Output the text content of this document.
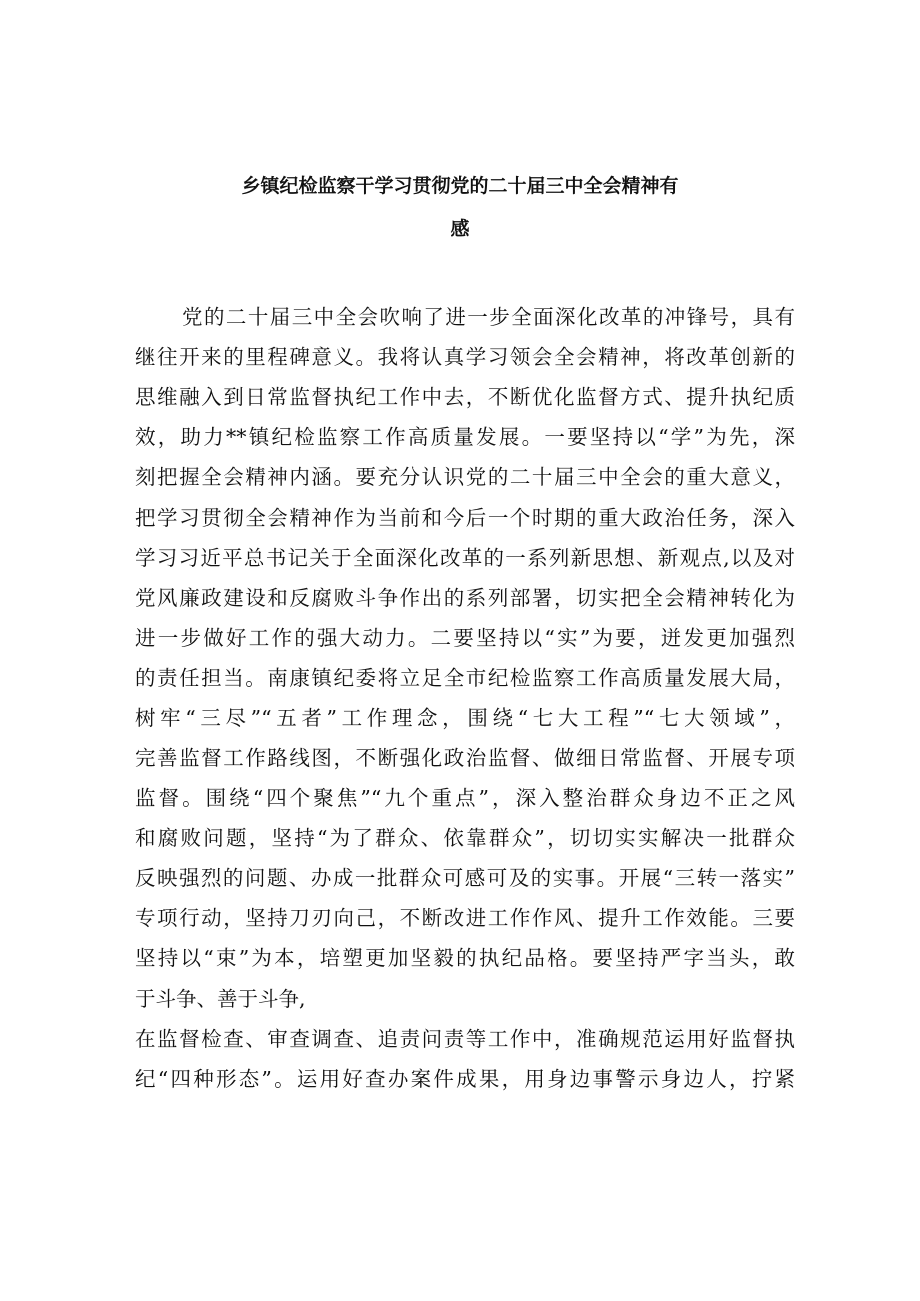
乡镇纪检监察干学习贯彻党的二十届三中全会精神有
感
党的二十届三中全会吹响了进一步全面深化改革的冲锋号，具有
继往开来的里程碑意义。我将认真学习领会全会精神，将改革创新的
思维融入到日常监督执纪工作中去，不断优化监督方式、提升执纪质
效，助力**镇纪检监察工作高质量发展。一要坚持以“学”为先，深
刻把握全会精神内涵。要充分认识党的二十届三中全会的重大意义，
把学习贯彻全会精神作为当前和今后一个时期的重大政治任务，深入
学习习近平总书记关于全面深化改革的一系列新思想、新观点,以及对
党风廉政建设和反腐败斗争作出的系列部署，切实把全会精神转化为
进一步做好工作的强大动力。二要坚持以“实”为要，迸发更加强烈
的责任担当。南康镇纪委将立足全市纪检监察工作高质量发展大局，
树牢“三尽”“五者”工作理念，围绕“七大工程”“七大领域”，
完善监督工作路线图，不断强化政治监督、做细日常监督、开展专项
监督。围绕“四个聚焦”“九个重点”，深入整治群众身边不正之风
和腐败问题，坚持“为了群众、依靠群众”，切切实实解决一批群众
反映强烈的问题、办成一批群众可感可及的实事。开展“三转一落实”
专项行动，坚持刀刃向己，不断改进工作作风、提升工作效能。三要
坚持以“束”为本，培塑更加坚毅的执纪品格。要坚持严字当头，敢
于斗争、善于斗争,
在监督检查、审查调查、追责问责等工作中，准确规范运用好监督执
纪“四种形态”。运用好查办案件成果，用身边事警示身边人，拧紧
